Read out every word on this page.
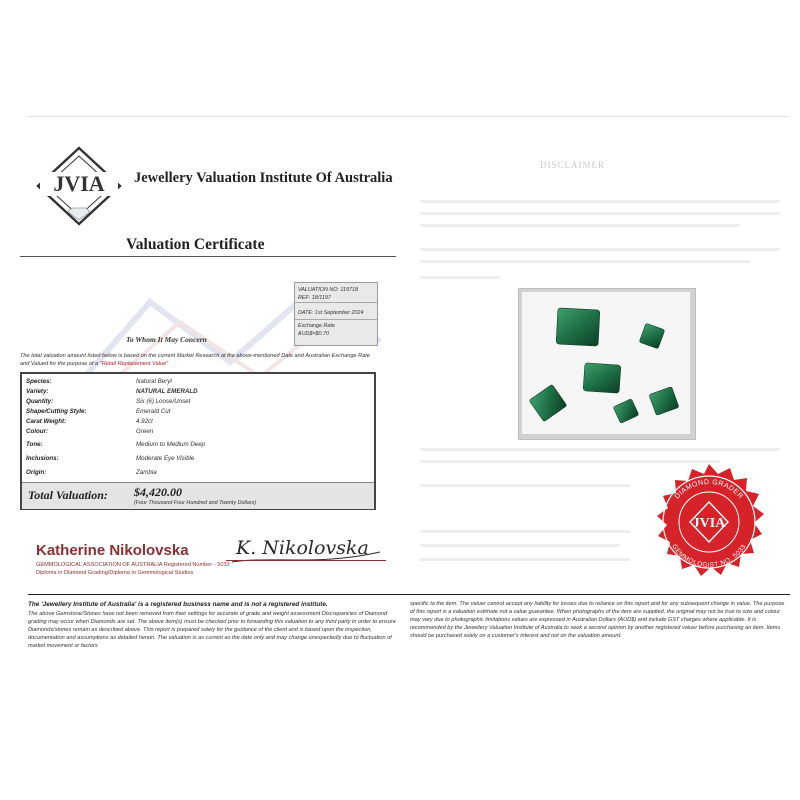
JVIA Jewellery Valuation Institute Of Australia
Valuation Certificate
VALUATION NO: 119718
REF: 18/1197
DATE: 1st September 2024
Exchange Rate
AUD$=$0.70
To Whom It May Concern
The total valuation amount listed below is based on the current Market Research at the above-mentioned Date and Australian Exchange Rate and Valued for the purpose of a "Retail Replacement Value"
Species:	Natural Beryl
Variety:	NATURAL EMERALD
Quantity:	Six (6) Loose/Unset
Shape/Cutting Style:	Emerald Cut
Carat Weight:	4.92ct
Colour:	Green
Tone:	Medium to Medium Deep
Inclusions:	Moderate Eye Visible
Origin:	Zambia
Total Valuation: $4,420.00
(Four Thousand Four Hundred and Twenty Dollars)
Katherine Nikolovska K. Nikolovska
GEMMOLOGICAL ASSOCIATION OF AUSTRALIA Registered Number - 5033
Diploma in Diamond Grading/Diploma in Gemmological Studies
DISCLAIMER
DIAMOND GRADER
GEMMOLOGIST NO. 5033
JVIA
The 'Jewellery Institute of Australia' is a registered business name and is not a registered institute.
The above Gemstone/Stones have not been removed from their settings for accurate of grade and weight assessment Discrepancies of Diamond grading may occur when Diamonds are set. The above item(s) must be checked prior to forwarding this valuation to any third party in order to ensure Diamonds/stones remain as described above. This report is prepared solely for the guidance of the client and is based upon the inspection, documentation and assumptions as detailed herein. The valuation is as current as the date only and may change unexpectedly due to fluctuation of market movement or factors
specific to the item. The valuer cannot accept any liability for losses due to reliance on this report and for any subsequent change in value. The purpose of this report is a valuation estimate not a value guarantee. When photographs of the item are supplied, the original may not be true to size and colour may vary due to photographic limitations values are expressed in Australian Dollars (AUD$) and include GST charges where applicable. It is recommended by the Jewellery Valuation Institute of Australia to seek a second opinion by another registered valuer before purchasing an item. Items should be purchased solely on a customer's interest and not on the valuation amount.
